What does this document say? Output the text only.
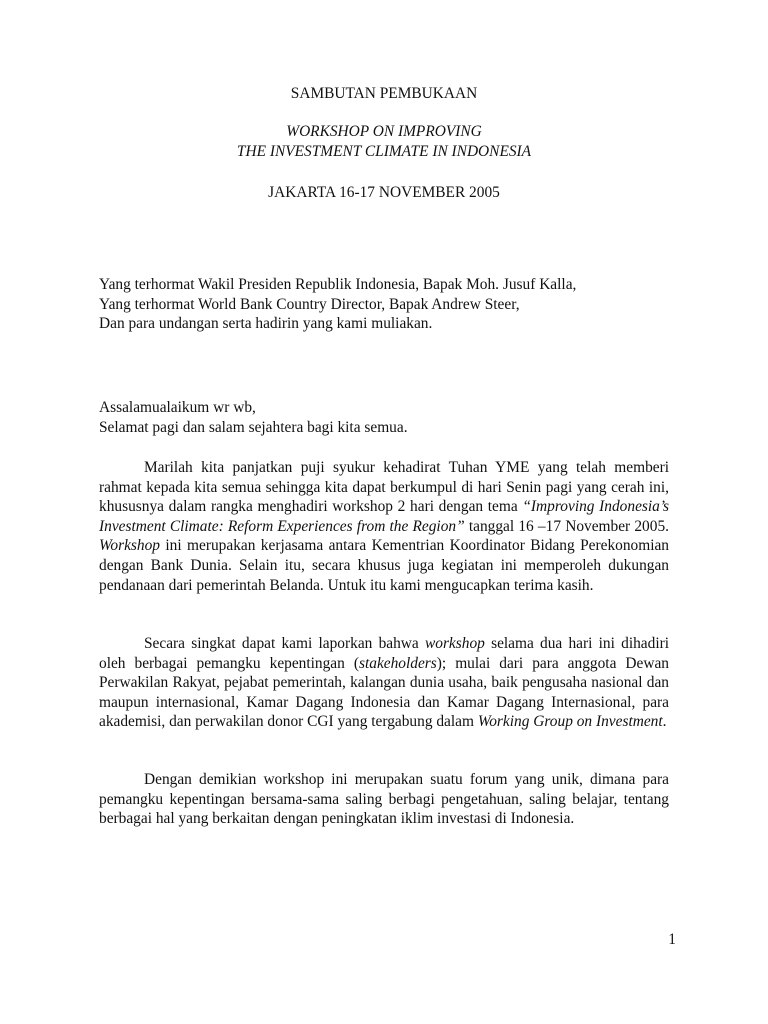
SAMBUTAN PEMBUKAAN
WORKSHOP ON IMPROVING
THE INVESTMENT CLIMATE IN INDONESIA
JAKARTA 16-17 NOVEMBER 2005
Yang terhormat Wakil Presiden Republik Indonesia, Bapak Moh. Jusuf Kalla,
Yang terhormat World Bank Country Director, Bapak Andrew Steer,
Dan para undangan serta hadirin yang kami muliakan.
Assalamualaikum wr wb,
Selamat pagi dan salam sejahtera bagi kita semua.
Marilah kita panjatkan puji syukur kehadirat Tuhan YME yang telah memberi rahmat kepada kita semua sehingga kita dapat berkumpul di hari Senin pagi yang cerah ini, khususnya dalam rangka menghadiri workshop 2 hari dengan tema “Improving Indonesia’s Investment Climate: Reform Experiences from the Region” tanggal 16 –17 November 2005. Workshop ini merupakan kerjasama antara Kementrian Koordinator Bidang Perekonomian dengan Bank Dunia. Selain itu, secara khusus juga kegiatan ini memperoleh dukungan pendanaan dari pemerintah Belanda. Untuk itu kami mengucapkan terima kasih.
Secara singkat dapat kami laporkan bahwa workshop selama dua hari ini dihadiri oleh berbagai pemangku kepentingan (stakeholders); mulai dari para anggota Dewan Perwakilan Rakyat, pejabat pemerintah, kalangan dunia usaha, baik pengusaha nasional dan maupun internasional, Kamar Dagang Indonesia dan Kamar Dagang Internasional, para akademisi, dan perwakilan donor CGI yang tergabung dalam Working Group on Investment.
Dengan demikian workshop ini merupakan suatu forum yang unik, dimana para pemangku kepentingan bersama-sama saling berbagi pengetahuan, saling belajar, tentang berbagai hal yang berkaitan dengan peningkatan iklim investasi di Indonesia.
1
